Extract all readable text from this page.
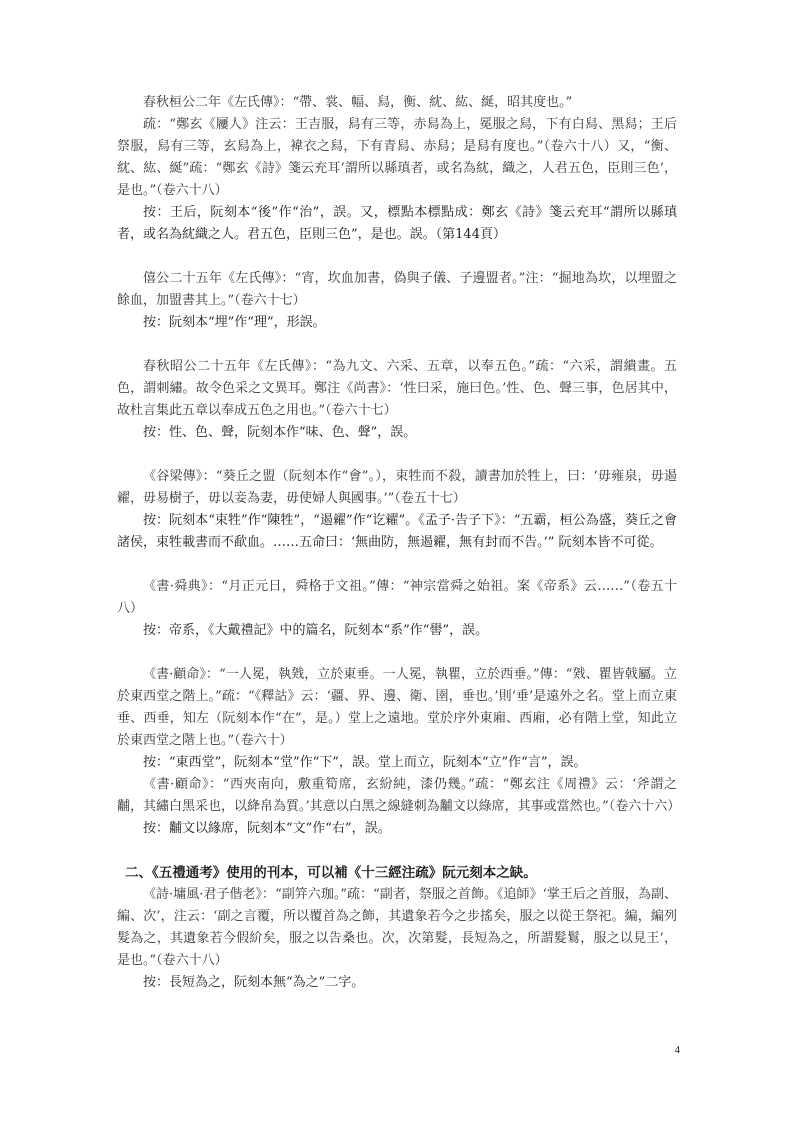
春秋桓公二年《左氏傳》：“帶、裳、幅、舄，衡、紞、紘、綖，昭其度也。”

疏：“鄭玄《屨人》注云：王吉服，舄有三等，赤舄為上，冕服之舄，下有白舄、黑舄；王后祭服，舄有三等，玄舄為上，褘衣之舄，下有青舄、赤舄；是舄有度也。”（卷六十八）又，“衡、紞、紘、綖”疏：“鄭玄《詩》箋云充耳‘謂所以縣瑱者，或名為紞，織之，人君五色，臣則三色’，是也。”（卷六十八）

按：王后，阮刻本“後”作“治”，誤。又，標點本標點成：鄭玄《詩》箋云充耳“謂所以縣瑱者，或名為紞織之人。君五色，臣則三色”，是也。誤。（第144頁）

僖公二十五年《左氏傳》：“宵，坎血加書，偽與子儀、子邊盟者。”注：“掘地為坎，以埋盟之餘血，加盟書其上。”（卷六十七）

按：阮刻本“埋”作“理”，形誤。

春秋昭公二十五年《左氏傳》：“為九文、六采、五章，以奉五色。”疏：“六采，謂繢畫。五色，謂刺繡。故令色采之文異耳。鄭注《尚書》：‘性曰采，施曰色。’性、色、聲三事，色居其中，故杜言集此五章以奉成五色之用也。”（卷六十七）

按：性、色、聲，阮刻本作“味、色、聲”，誤。

《谷梁傳》：“葵丘之盟（阮刻本作“會”。），束牲而不殺，讀書加於牲上，曰：‘毋雍泉，毋遏糴，毋易樹子，毋以妾為妻，毋使婦人與國事。’”（卷五十七）

按：阮刻本“束牲”作“陳牲”，“遏糴”作“讫糴”。《孟子·告子下》：“五霸，桓公為盛，葵丘之會諸侯，束牲載書而不歃血。……五命曰：‘無曲防，無遏糴，無有封而不告。’” 阮刻本皆不可從。

《書·舜典》：“月正元日，舜格于文祖。”傳：“神宗當舜之始祖。案《帝系》云……”（卷五十八）

按：帝系，《大戴禮記》中的篇名，阮刻本“系”作“嚳”，誤。

《書·顧命》：“一人冕，執戣，立於東垂。一人冕，執瞿，立於西垂。”傳：“戣、瞿皆戟屬。立於東西堂之階上。”疏：“《釋詁》云：‘疆、界、邊、衛、圉，垂也。’則‘垂’是遠外之名。堂上而立東垂、西垂，知左（阮刻本作“在”，是。）堂上之遠地。堂於序外東廂、西廂，必有階上堂，知此立於東西堂之階上也。”（卷六十）

按：“東西堂”，阮刻本“堂”作“下”，誤。堂上而立，阮刻本“立”作“言”，誤。

《書·顧命》：“西夾南向，敷重筍席，玄紛純，漆仍幾。”疏：“鄭玄注《周禮》云：‘斧謂之黼，其繡白黑采也，以絳帛為質。’其意以白黑之線縫刺為黼文以綠席，其事或當然也。”（卷六十六）

按：黼文以緣席，阮刻本“文”作“右”，誤。

二、《五禮通考》使用的刊本，可以補《十三經注疏》阮元刻本之缺。

《詩·墉風·君子偕老》：“副笄六珈。”疏：“副者，祭服之首飾。《追師》‘掌王后之首服，為副、編、次’，注云：‘副之言覆，所以覆首為之飾，其遺象若今之步搖矣，服之以從王祭祀。編，編列髮為之，其遺象若今假紒矣，服之以告桑也。次，次第髮，長短為之，所謂髮鬄，服之以見王’，是也。”（卷六十八）

按：長短為之，阮刻本無“為之”二字。

4
